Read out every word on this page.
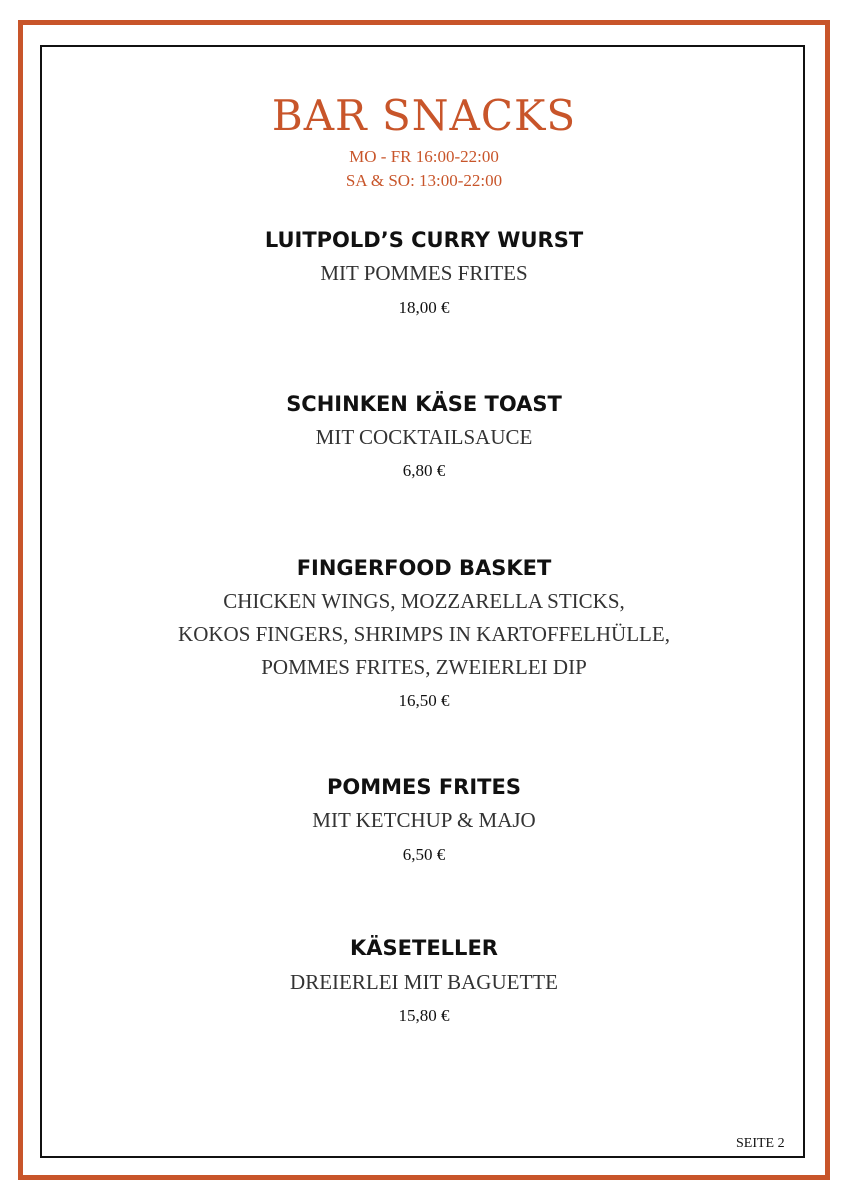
BAR SNACKS
MO - FR 16:00-22:00
SA & SO: 13:00-22:00
LUITPOLD’S CURRY WURST
MIT POMMES FRITES
18,00 €
SCHINKEN KÄSE TOAST
MIT COCKTAILSAUCE
6,80 €
FINGERFOOD BASKET
CHICKEN WINGS, MOZZARELLA STICKS,
KOKOS FINGERS, SHRIMPS IN KARTOFFELHÜLLE,
POMMES FRITES, ZWEIERLEI DIP
16,50 €
POMMES FRITES
MIT KETCHUP & MAJO
6,50 €
KÄSETELLER
DREIERLEI MIT BAGUETTE
15,80 €
SEITE 2
